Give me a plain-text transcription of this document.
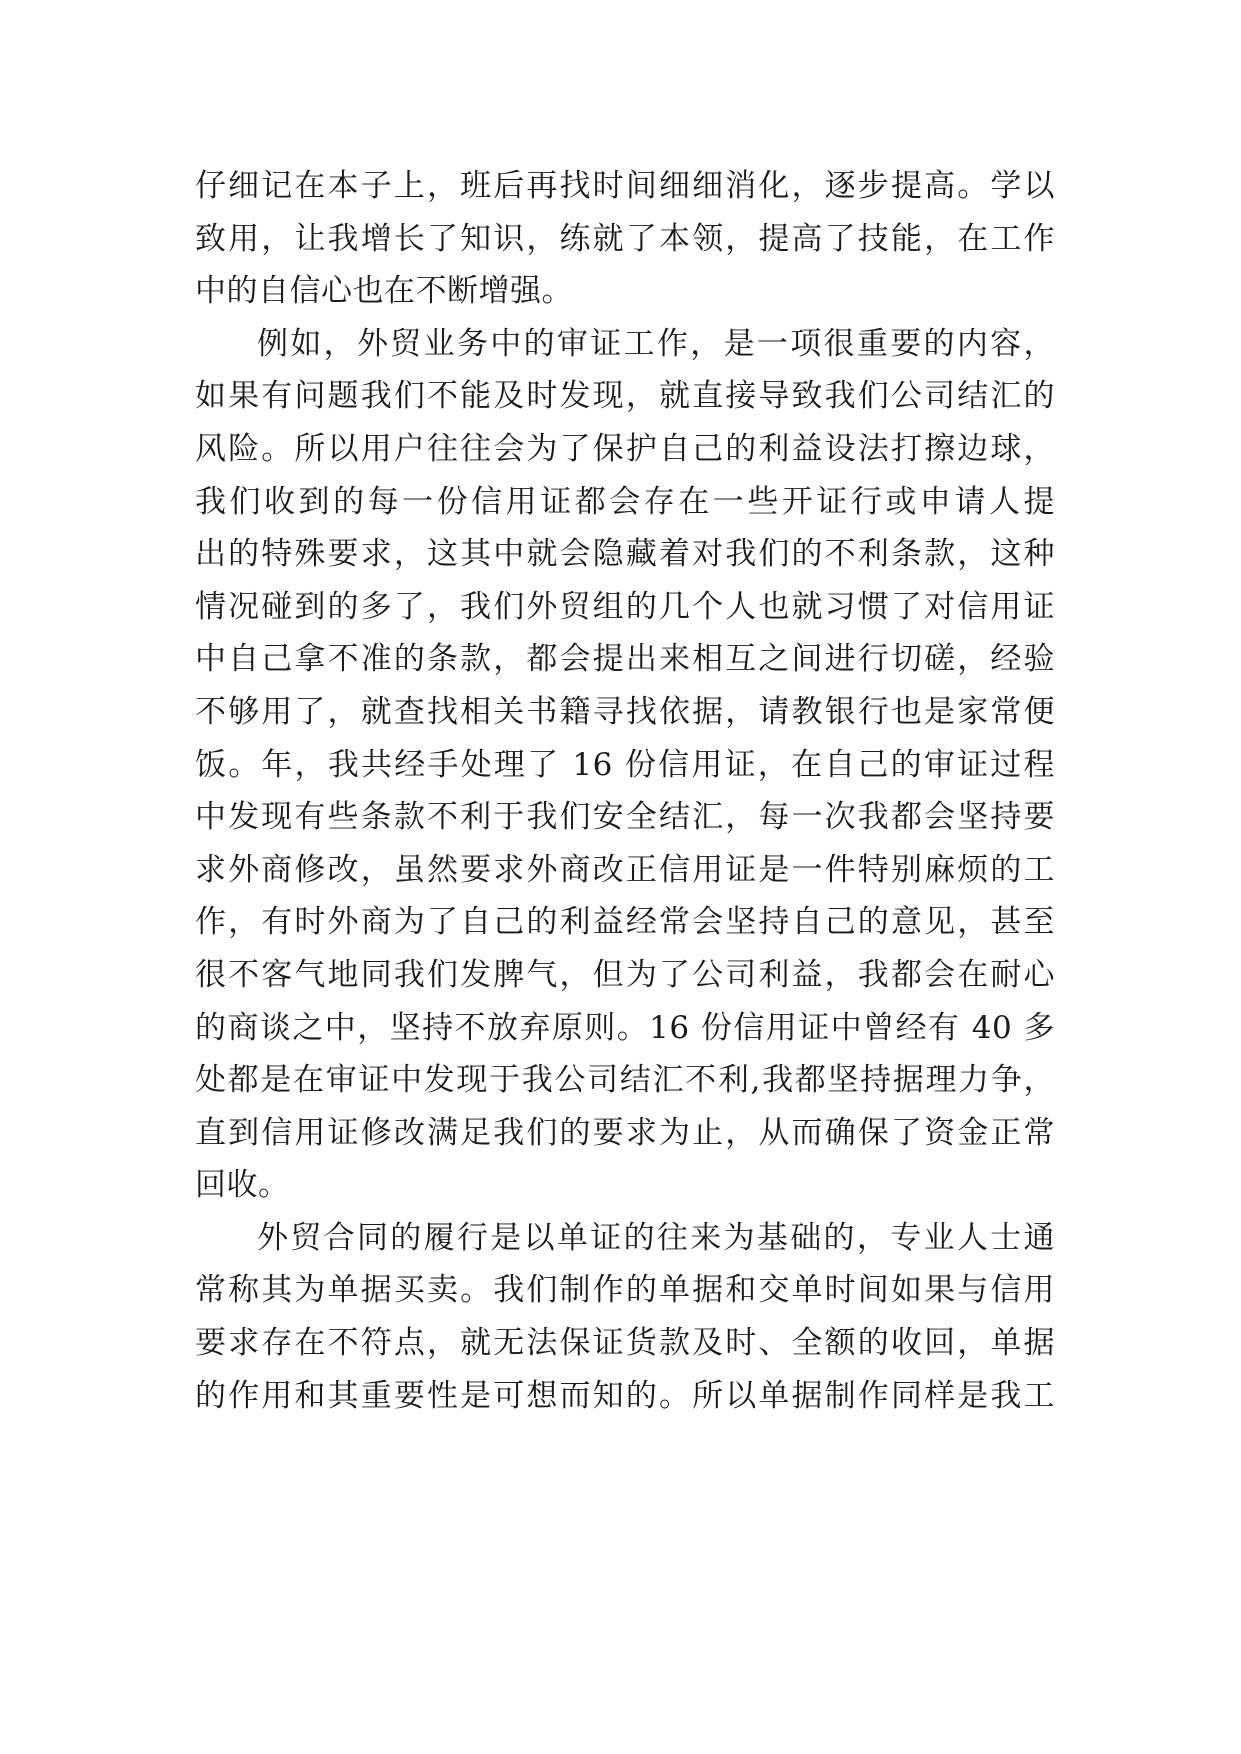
仔细记在本子上，班后再找时间细细消化，逐步提高。学以
致用，让我增长了知识，练就了本领，提高了技能，在工作
中的自信心也在不断增强。
例如，外贸业务中的审证工作，是一项很重要的内容，
如果有问题我们不能及时发现，就直接导致我们公司结汇的
风险。所以用户往往会为了保护自己的利益设法打擦边球，
我们收到的每一份信用证都会存在一些开证行或申请人提
出的特殊要求，这其中就会隐藏着对我们的不利条款，这种
情况碰到的多了，我们外贸组的几个人也就习惯了对信用证
中自己拿不准的条款，都会提出来相互之间进行切磋，经验
不够用了，就查找相关书籍寻找依据，请教银行也是家常便
饭。年，我共经手处理了 16 份信用证，在自己的审证过程
中发现有些条款不利于我们安全结汇，每一次我都会坚持要
求外商修改，虽然要求外商改正信用证是一件特别麻烦的工
作，有时外商为了自己的利益经常会坚持自己的意见，甚至
很不客气地同我们发脾气，但为了公司利益，我都会在耐心
的商谈之中，坚持不放弃原则。16 份信用证中曾经有 40 多
处都是在审证中发现于我公司结汇不利,我都坚持据理力争，
直到信用证修改满足我们的要求为止，从而确保了资金正常
回收。
外贸合同的履行是以单证的往来为基础的，专业人士通
常称其为单据买卖。我们制作的单据和交单时间如果与信用
要求存在不符点，就无法保证货款及时、全额的收回，单据
的作用和其重要性是可想而知的。所以单据制作同样是我工
